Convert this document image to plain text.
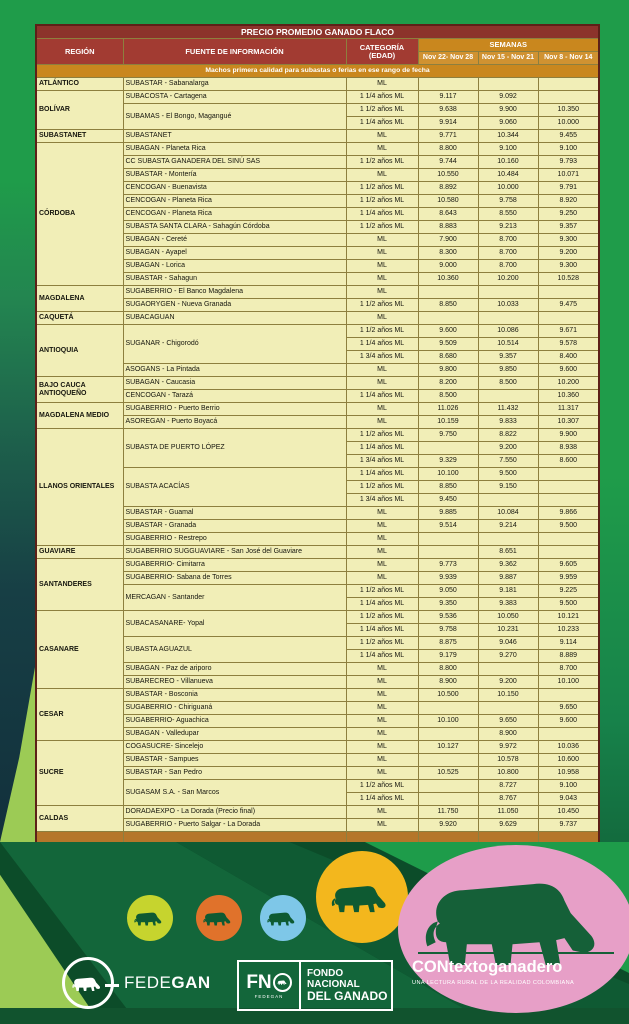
PRECIO PROMEDIO GANADO FLACO					
REGIÓN	FUENTE DE INFORMACIÓN	CATEGORÍA (EDAD)	SEMANAS		
			Nov 22- Nov 28	Nov 15 - Nov 21	Nov 8 - Nov 14
Machos primera calidad para subastas o ferias en ese rango de fecha					
ATLÁNTICO	SUBASTAR - Sabanalarga	ML			
BOLÍVAR	SUBACOSTA - Cartagena	1 1/4 años ML	9.117	9.092	
	SUBAMAS - El Bongo, Magangué	1 1/2 años ML	9.638	9.900	10.350
		1 1/4 años ML	9.914	9.060	10.000
SUBASTANET	SUBASTANET	ML	9.771	10.344	9.455
CÓRDOBA	SUBAGAN - Planeta Rica	ML	8.800	9.100	9.100
	CC SUBASTA GANADERA DEL SINÚ SAS	1 1/2 años ML	9.744	10.160	9.793
	SUBASTAR - Montería	ML	10.550	10.484	10.071
	CENCOGAN - Buenavista	1 1/2 años ML	8.892	10.000	9.791
	CENCOGAN - Planeta Rica	1 1/2 años ML	10.580	9.758	8.920
	CENCOGAN - Planeta Rica	1 1/4 años ML	8.643	8.550	9.250
	SUBASTA SANTA CLARA - Sahagún Córdoba	1 1/2 años ML	8.883	9.213	9.357
	SUBAGAN - Cereté	ML	7.900	8.700	9.300
	SUBAGAN - Ayapel	ML	8.300	8.700	9.200
	SUBAGAN - Lorica	ML	9.000	8.700	9.300
	SUBASTAR - Sahagun	ML	10.360	10.200	10.528
MAGDALENA	SUGABERRIO - El Banco Magdalena	ML			
	SUGAORYGEN - Nueva Granada	1 1/2 años ML	8.850	10.033	9.475
CAQUETÁ	SUBACAGUAN	ML			
ANTIOQUIA	SUGANAR - Chigorodó	1 1/2 años ML	9.600	10.086	9.671
		1 1/4 años ML	9.509	10.514	9.578
		1 3/4 años ML	8.680	9.357	8.400
	ASOGANS - La Pintada	ML	9.800	9.850	9.600
BAJO CAUCA ANTIOQUEÑO	SUBAGAN - Caucasia	ML	8.200	8.500	10.200
	CENCOGAN - Tarazá	1 1/4 años ML	8.500		10.360
MAGDALENA MEDIO	SUGABERRIO - Puerto Berrio	ML	11.026	11.432	11.317
	ASOREGAN - Puerto Boyacá	ML	10.159	9.833	10.307
LLANOS ORIENTALES	SUBASTA DE PUERTO LÓPEZ	1 1/2 años ML	9.750	8.822	9.900
		1 1/4 años ML		9.200	8.938
		1 3/4 años ML	9.329	7.550	8.600
	SUBASTA ACACÍAS	1 1/4 años ML	10.100	9.500	
		1 1/2 años ML	8.850	9.150	
		1 3/4 años ML	9.450		
	SUBASTAR - Guamal	ML	9.885	10.084	9.866
	SUBASTAR - Granada	ML	9.514	9.214	9.500
	SUGABERRIO - Restrepo	ML			
GUAVIARE	SUGABERRIO SUGGUAVIARE - San José del Guaviare	ML		8.651	
SANTANDERES	SUGABERRIO- Cimitarra	ML	9.773	9.362	9.605
	SUGABERRIO- Sabana de Torres	ML	9.939	9.887	9.959
	MERCAGAN - Santander	1 1/2 años ML	9.050	9.181	9.225
		1 1/4 años ML	9.350	9.383	9.500
CASANARE	SUBACASANARE- Yopal	1 1/2 años ML	9.536	10.050	10.121
		1 1/4 años ML	9.758	10.231	10.233
	SUBASTA AGUAZUL	1 1/2 años ML	8.875	9.046	9.114
		1 1/4 años ML	9.179	9.270	8.889
	SUBAGAN - Paz de ariporo	ML	8.800		8.700
	SUBARECREO - Villanueva	ML	8.900	9.200	10.100
CESAR	SUBASTAR - Bosconia	ML	10.500	10.150	
	SUGABERRIO - Chiriguaná	ML			9.650
	SUGABERRIO- Aguachica	ML	10.100	9.650	9.600
	SUBAGAN - Valledupar	ML		8.900	
SUCRE	COGASUCRE- Sincelejo	ML	10.127	9.972	10.036
	SUBASTAR - Sampues	ML		10.578	10.600
	SUBASTAR - San Pedro	ML	10.525	10.800	10.958
	SUGASAM S.A. - San Marcos	1 1/2 años ML		8.727	9.100
		1 1/4 años ML		8.767	9.043
CALDAS	DORADAEXPO - La Dorada (Precio final)	ML	11.750	11.050	10.450
	SUGABERRIO - Puerto Salgar - La Dorada	ML	9.920	9.629	9.737

CONtextoganadero
UNA LECTURA RURAL DE LA REALIDAD COLOMBIANA
FEDEGAN FN
FEDEGAN
FONDO NACIONAL
DEL GANADO
